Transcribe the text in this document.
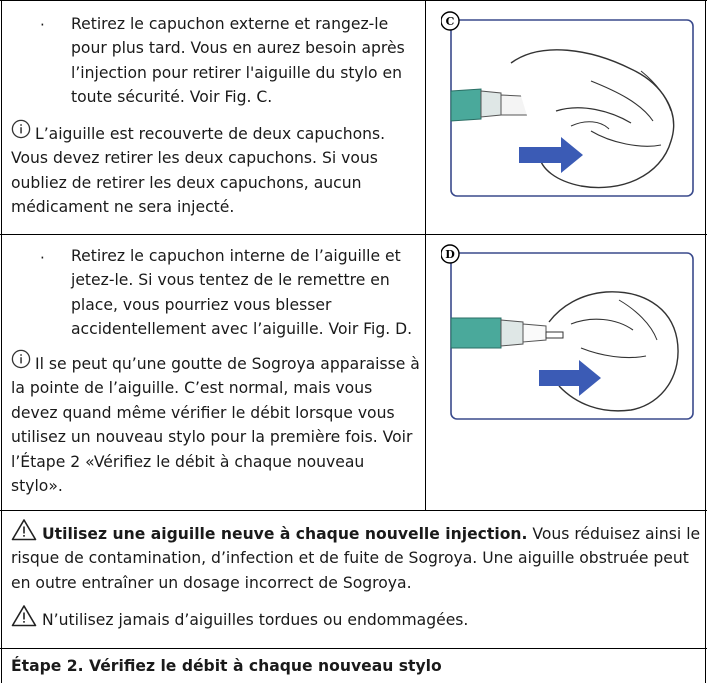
· Retirez le capuchon externe et rangez-le pour plus tard. Vous en aurez besoin après l’injection pour retirer l'aiguille du stylo en toute sécurité. Voir Fig. C.
L’aiguille est recouverte de deux capuchons. Vous devez retirer les deux capuchons. Si vous oubliez de retirer les deux capuchons, aucun médicament ne sera injecté.
C
· Retirez le capuchon interne de l’aiguille et jetez-le. Si vous tentez de le remettre en place, vous pourriez vous blesser accidentellement avec l’aiguille. Voir Fig. D.
Il se peut qu’une goutte de Sogroya apparaisse à la pointe de l’aiguille. C’est normal, mais vous devez quand même vérifier le débit lorsque vous utilisez un nouveau stylo pour la première fois. Voir l’Étape 2 «Vérifiez le débit à chaque nouveau stylo».
D
Utilisez une aiguille neuve à chaque nouvelle injection. Vous réduisez ainsi le risque de contamination, d’infection et de fuite de Sogroya. Une aiguille obstruée peut en outre entraîner un dosage incorrect de Sogroya.
N’utilisez jamais d’aiguilles tordues ou endommagées.
Étape 2. Vérifiez le débit à chaque nouveau stylo
